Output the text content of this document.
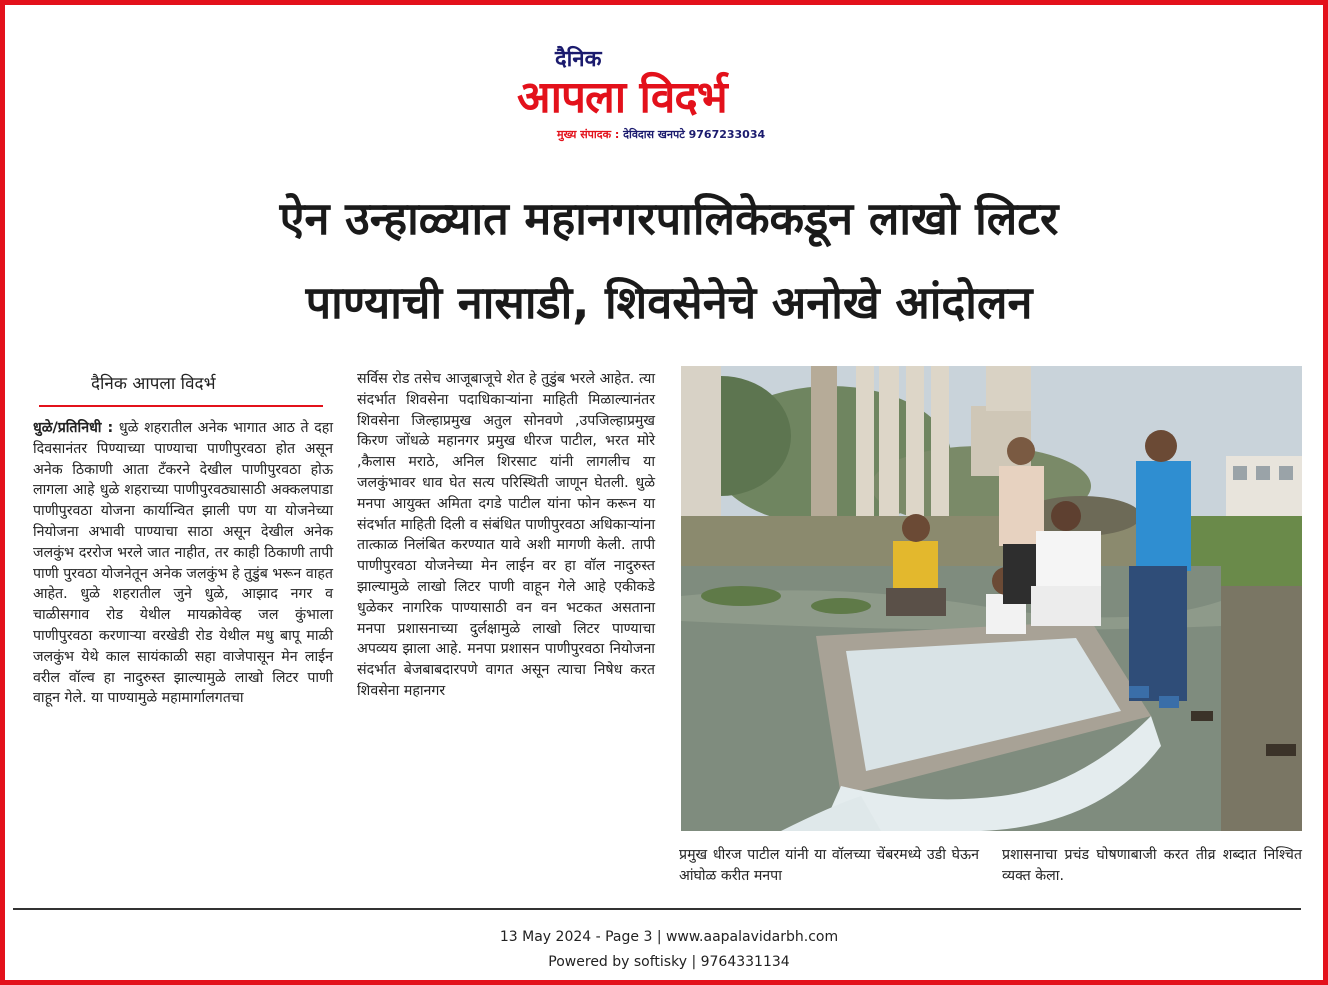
दैनिक
आपला विदर्भ
मुख्य संपादक : देविदास खनपटे 9767233034
ऐन उन्हाळ्यात महानगरपालिकेकडून लाखो लिटर
पाण्याची नासाडी, शिवसेनेचे अनोखे आंदोलन
दैनिक आपला विदर्भ
धुळे/प्रतिनिधी : धुळे शहरातील अनेक भागात आठ ते दहा दिवसानंतर पिण्याच्या पाण्याचा पाणीपुरवठा होत असून अनेक ठिकाणी आता टँकरने देखील पाणीपुरवठा होऊ लागला आहे धुळे शहराच्या पाणीपुरवठ्यासाठी अक्कलपाडा पाणीपुरवठा योजना कार्यान्वित झाली पण या योजनेच्या नियोजना अभावी पाण्याचा साठा असून देखील अनेक जलकुंभ दररोज भरले जात नाहीत, तर काही ठिकाणी तापी पाणी पुरवठा योजनेतून अनेक जलकुंभ हे तुडुंब भरून वाहत आहेत. धुळे शहरातील जुने धुळे, आझाद नगर व चाळीसगाव रोड येथील मायक्रोवेव्ह जल कुंभाला पाणीपुरवठा करणाऱ्या वरखेडी रोड येथील मधु बापू माळी जलकुंभ येथे काल सायंकाळी सहा वाजेपासून मेन लाईन वरील वॉल्व हा नादुरुस्त झाल्यामुळे लाखो लिटर पाणी वाहून गेले. या पाण्यामुळे महामार्गालगतचा
सर्विस रोड तसेच आजूबाजूचे शेत हे तुडुंब भरले आहेत. त्या संदर्भात शिवसेना पदाधिकाऱ्यांना माहिती मिळाल्यानंतर शिवसेना जिल्हाप्रमुख अतुल सोनवणे ,उपजिल्हाप्रमुख किरण जोंधळे महानगर प्रमुख धीरज पाटील, भरत मोरे ,कैलास मराठे, अनिल शिरसाट यांनी लागलीच या जलकुंभावर धाव घेत सत्य परिस्थिती जाणून घेतली. धुळे मनपा आयुक्त अमिता दगडे पाटील यांना फोन करून या संदर्भात माहिती दिली व संबंधित पाणीपुरवठा अधिकाऱ्यांना तात्काळ निलंबित करण्यात यावे अशी मागणी केली. तापी पाणीपुरवठा योजनेच्या मेन लाईन वर हा वॉल नादुरुस्त झाल्यामुळे लाखो लिटर पाणी वाहून गेले आहे एकीकडे धुळेकर नागरिक पाण्यासाठी वन वन भटकत असताना मनपा प्रशासनाच्या दुर्लक्षामुळे लाखो लिटर पाण्याचा अपव्यय झाला आहे. मनपा प्रशासन पाणीपुरवठा नियोजना संदर्भात बेजबाबदारपणे वागत असून त्याचा निषेध करत शिवसेना महानगर
प्रमुख धीरज पाटील यांनी या वॉलच्या चेंबरमध्ये उडी घेऊन आंघोळ करीत मनपा
प्रशासनाचा प्रचंड घोषणाबाजी करत तीव्र शब्दात निश्चित व्यक्त केला.
13 May 2024 - Page 3 | www.aapalavidarbh.com
Powered by softisky | 9764331134
